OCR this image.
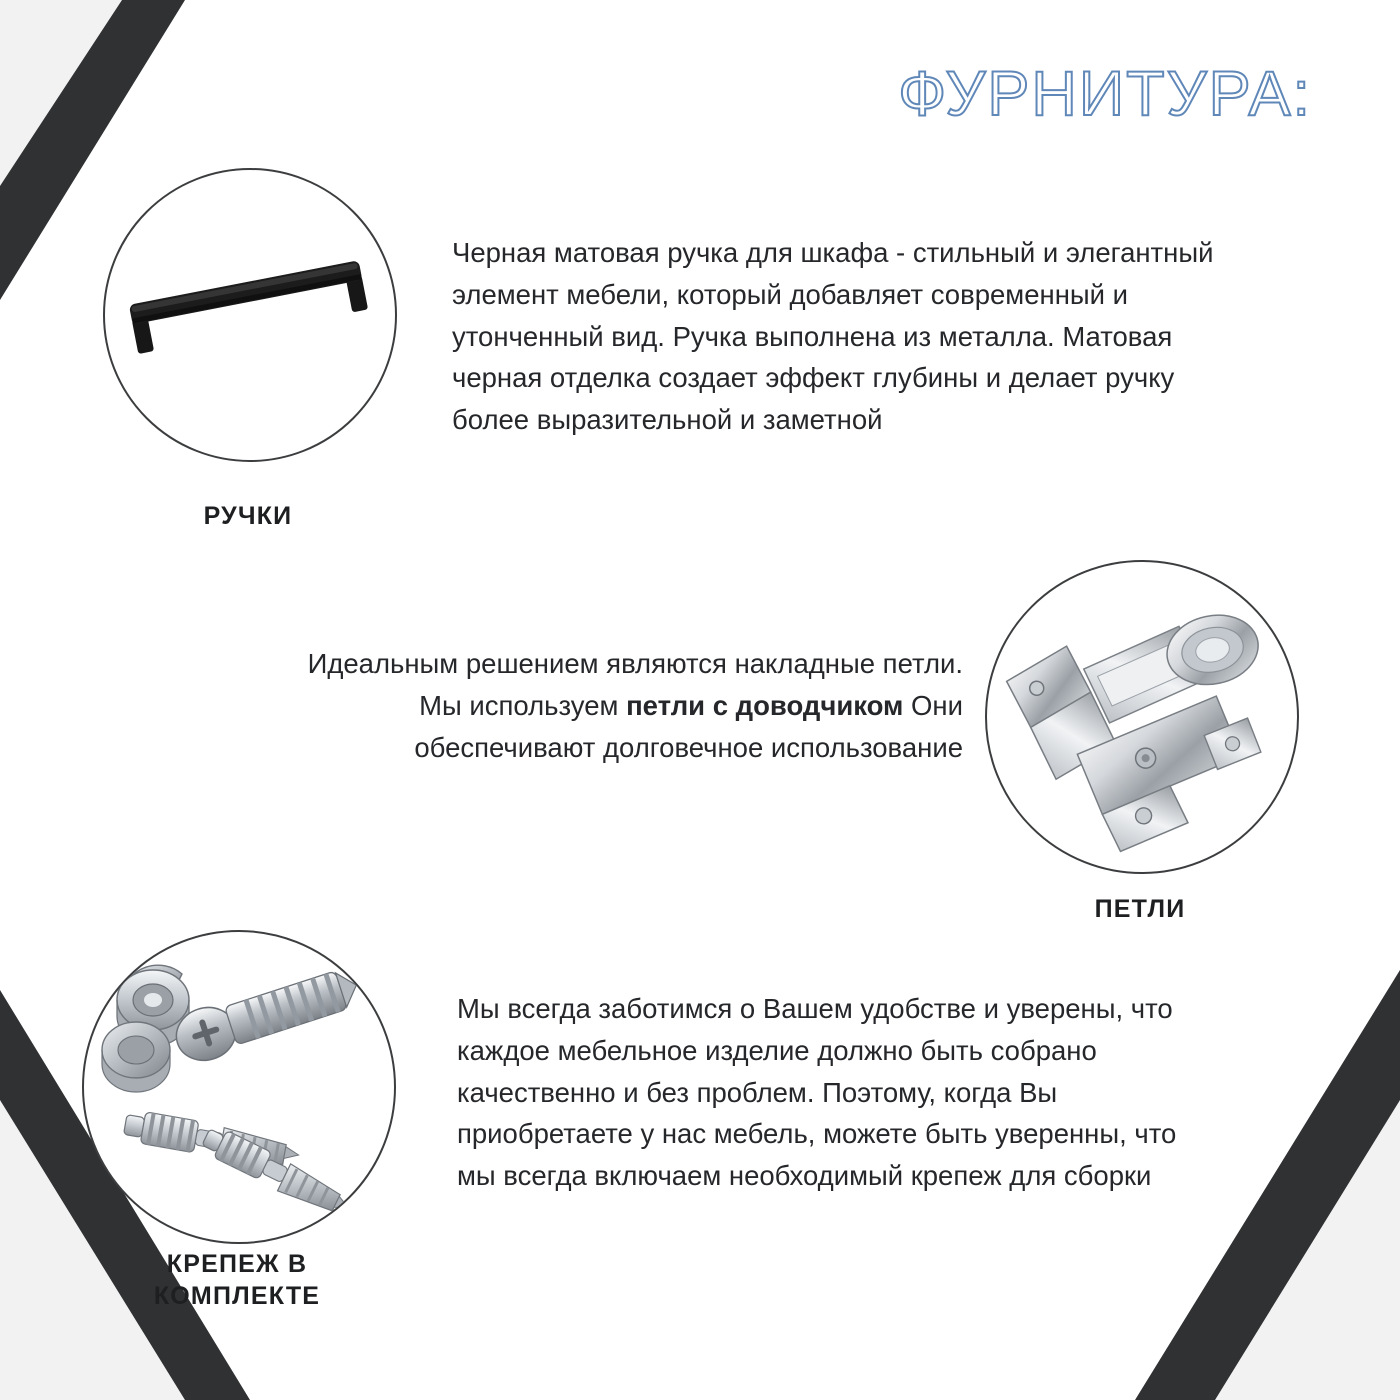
ФУРНИТУРА:
РУЧКИ
Черная матовая ручка для шкафа - стильный и элегантный элемент мебели, который добавляет современный и утонченный вид. Ручка выполнена из металла. Матовая черная отделка создает эффект глубины и делает ручку более выразительной и заметной
ПЕТЛИ
Идеальным решением являются накладные петли. Мы используем петли с доводчиком Они обеспечивают долговечное использование
КРЕПЕЖ В
КОМПЛЕКТЕ
Мы всегда заботимся о Вашем удобстве и уверены, что каждое мебельное изделие должно быть собрано качественно и без проблем. Поэтому, когда Вы приобретаете у нас мебель, можете быть уверенны, что мы всегда включаем необходимый крепеж для сборки
